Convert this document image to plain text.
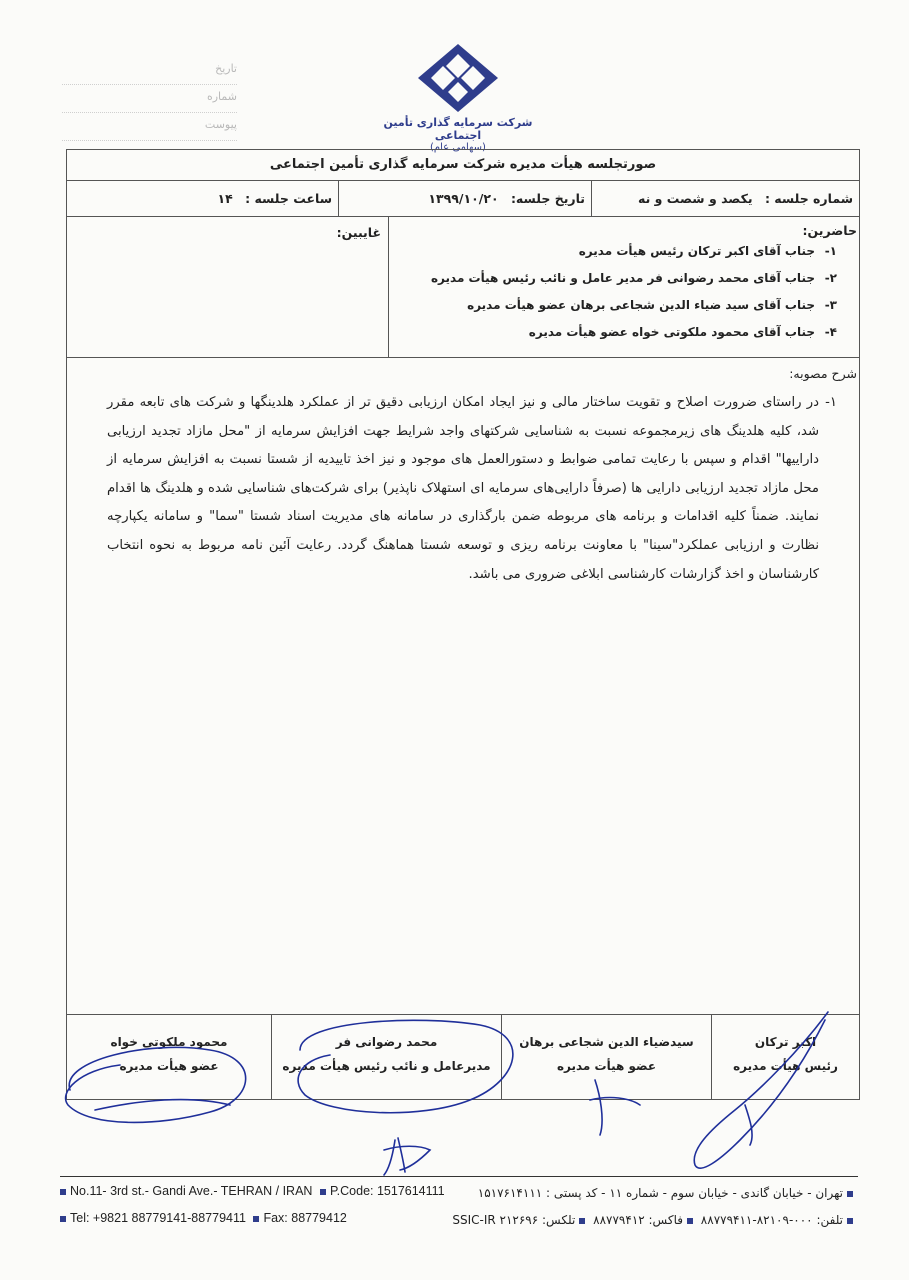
تاریخ
شماره
پیوست	شرکت سرمایه گذاری تأمین اجتماعی
(سهامی عام)
صورتجلسه هیأت مدیره شرکت سرمایه گذاری تأمین اجتماعی
شماره جلسه : یکصد و شصت و نه
تاریخ جلسه: ۱۳۹۹/۱۰/۲۰
ساعت جلسه : ۱۴
حاضرین:
۱-جناب آقای اکبر ترکان رئیس هیأت مدیره
۲-جناب آقای محمد رضوانی فر مدیر عامل و نائب رئیس هیأت مدیره
۳-جناب آقای سید ضیاء الدین شجاعی برهان عضو هیأت مدیره
۴-جناب آقای محمود ملکوتی خواه عضو هیأت مدیره
غایبین:
شرح مصوبه:
۱-
در راستای ضرورت اصلاح و تقویت ساختار مالی و نیز ایجاد امکان ارزیابی دقیق تر از عملکرد هلدینگها و شرکت های تابعه مقرر شد، کلیه هلدینگ های زیرمجموعه نسبت به شناسایی شرکتهای واجد شرایط جهت افزایش سرمایه از "محل مازاد تجدید ارزیابی داراییها" اقدام و سپس با رعایت تمامی ضوابط و دستورالعمل های موجود و نیز اخذ تاییدیه از شستا نسبت به افزایش سرمایه از محل مازاد تجدید ارزیابی دارایی ها (صرفاً دارایی‌های سرمایه ای استهلاک ناپذیر) برای شرکت‌های شناسایی شده و هلدینگ ها اقدام نمایند. ضمناً کلیه اقدامات و برنامه های مربوطه ضمن بارگذاری در سامانه های مدیریت اسناد شستا "سما" و سامانه یکپارچه نظارت و ارزیابی عملکرد"سینا" با معاونت برنامه ریزی و توسعه شستا هماهنگ گردد. رعایت آئین نامه مربوط به نحوه انتخاب کارشناسان و اخذ گزارشات کارشناسی ابلاغی ضروری می باشد.
اکبر ترکان
رئیس هیأت مدیره
سیدضیاء الدین شجاعی برهان
عضو هیأت مدیره
محمد رضوانی فر
مدیرعامل و نائب رئیس هیأت مدیره
محمود ملکوتی خواه
عضو هیأت مدیره
No.11- 3rd st.- Gandi Ave.- TEHRAN / IRAN P.Code: 1517614111
Tel: +9821 88779141-88779411 Fax: 88779412
تهران - خیابان گاندی - خیابان سوم - شماره ۱۱ - کد پستی : ۱۵۱۷۶۱۴۱۱۱
تلفن: ۰۰۰-۸۲۱۰۹-۸۸۷۷۹۴۱۱ فاکس: ۸۸۷۷۹۴۱۲ تلکس: SSIC-IR ۲۱۲۶۹۶
